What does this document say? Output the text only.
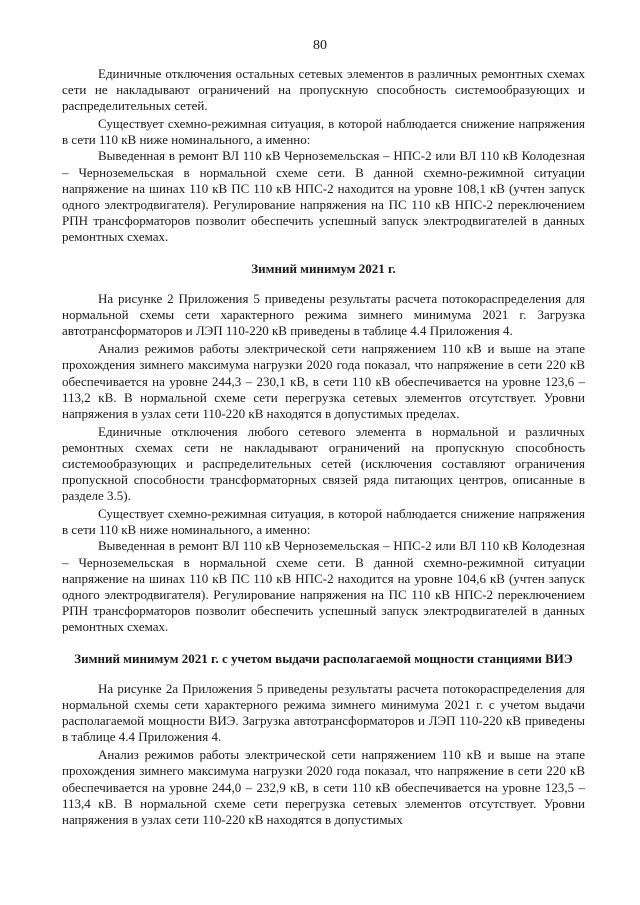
80

Единичные отключения остальных сетевых элементов в различных ремонтных схемах сети не накладывают ограничений на пропускную способность системообразующих и распределительных сетей.

Существует схемно-режимная ситуация, в которой наблюдается снижение напряжения в сети 110 кВ ниже номинального, а именно:

Выведенная в ремонт ВЛ 110 кВ Черноземельская – НПС-2 или ВЛ 110 кВ Колодезная – Черноземельская в нормальной схеме сети. В данной схемно-режимной ситуации напряжение на шинах 110 кВ ПС 110 кВ НПС-2 находится на уровне 108,1 кВ (учтен запуск одного электродвигателя). Регулирование напряжения на ПС 110 кВ НПС-2 переключением РПН трансформаторов позволит обеспечить успешный запуск электродвигателей в данных ремонтных схемах.

Зимний минимум 2021 г.

На рисунке 2 Приложения 5 приведены результаты расчета потокораспределения для нормальной схемы сети характерного режима зимнего минимума 2021 г. Загрузка автотрансформаторов и ЛЭП 110-220 кВ приведены в таблице 4.4 Приложения 4.

Анализ режимов работы электрической сети напряжением 110 кВ и выше на этапе прохождения зимнего максимума нагрузки 2020 года показал, что напряжение в сети 220 кВ обеспечивается на уровне 244,3 – 230,1 кВ, в сети 110 кВ обеспечивается на уровне 123,6 – 113,2 кВ. В нормальной схеме сети перегрузка сетевых элементов отсутствует. Уровни напряжения в узлах сети 110-220 кВ находятся в допустимых пределах.

Единичные отключения любого сетевого элемента в нормальной и различных ремонтных схемах сети не накладывают ограничений на пропускную способность системообразующих и распределительных сетей (исключения составляют ограничения пропускной способности трансформаторных связей ряда питающих центров, описанные в разделе 3.5).

Существует схемно-режимная ситуация, в которой наблюдается снижение напряжения в сети 110 кВ ниже номинального, а именно:

Выведенная в ремонт ВЛ 110 кВ Черноземельская – НПС-2 или ВЛ 110 кВ Колодезная – Черноземельская в нормальной схеме сети. В данной схемно-режимной ситуации напряжение на шинах 110 кВ ПС 110 кВ НПС-2 находится на уровне 104,6 кВ (учтен запуск одного электродвигателя). Регулирование напряжения на ПС 110 кВ НПС-2 переключением РПН трансформаторов позволит обеспечить успешный запуск электродвигателей в данных ремонтных схемах.

Зимний минимум 2021 г. с учетом выдачи располагаемой мощности станциями ВИЭ

На рисунке 2а Приложения 5 приведены результаты расчета потокораспределения для нормальной схемы сети характерного режима зимнего минимума 2021 г. с учетом выдачи располагаемой мощности ВИЭ. Загрузка автотрансформаторов и ЛЭП 110-220 кВ приведены в таблице 4.4 Приложения 4.

Анализ режимов работы электрической сети напряжением 110 кВ и выше на этапе прохождения зимнего максимума нагрузки 2020 года показал, что напряжение в сети 220 кВ обеспечивается на уровне 244,0 – 232,9 кВ, в сети 110 кВ обеспечивается на уровне 123,5 – 113,4 кВ. В нормальной схеме сети перегрузка сетевых элементов отсутствует. Уровни напряжения в узлах сети 110-220 кВ находятся в допустимых
